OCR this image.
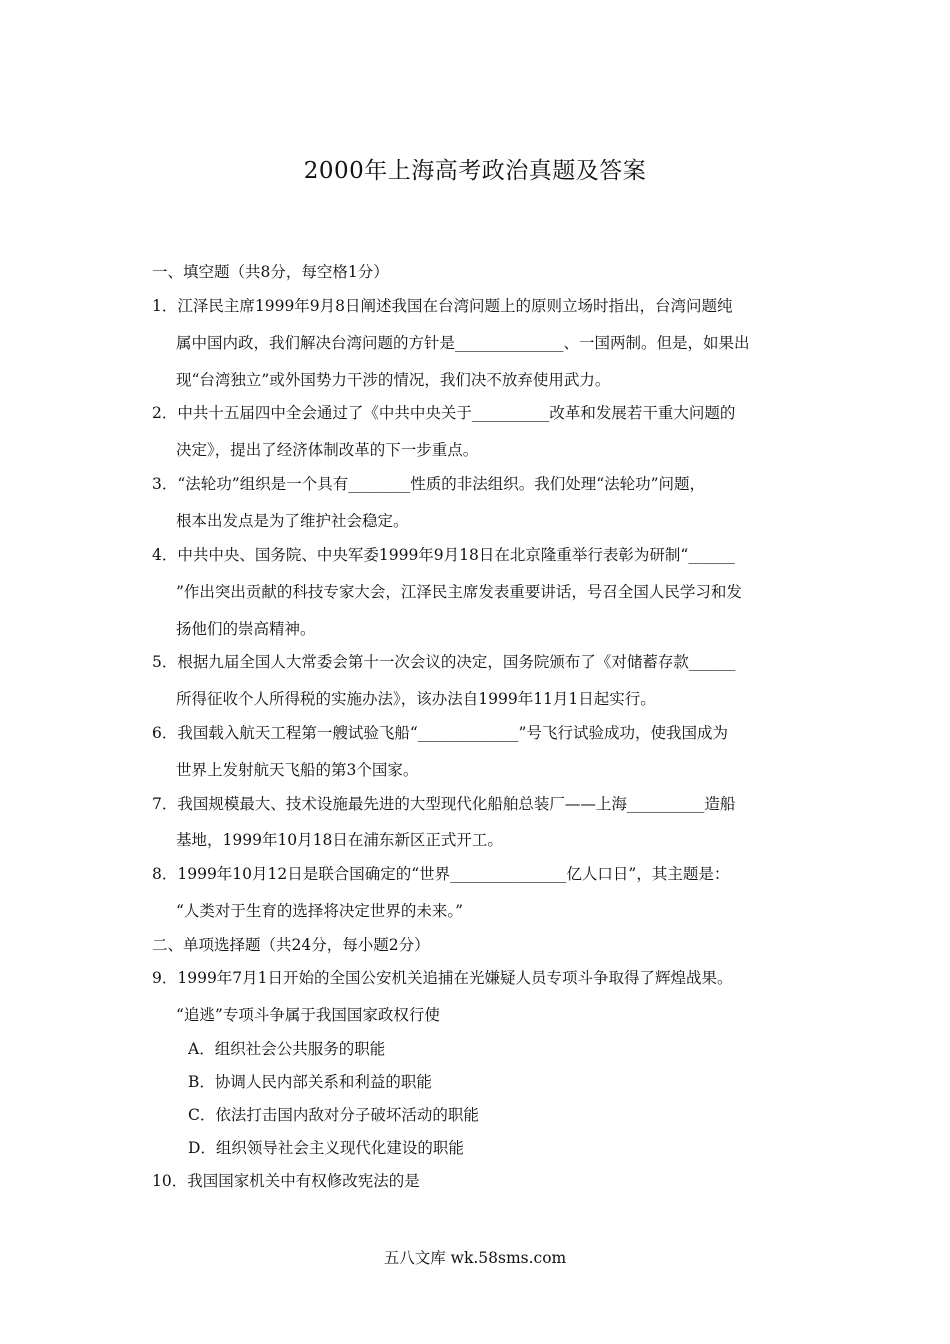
2000年上海高考政治真题及答案
一、填空题（共8分，每空格1分）
1．江泽民主席1999年9月8日阐述我国在台湾问题上的原则立场时指出，台湾问题纯
属中国内政，我们解决台湾问题的方针是______________、一国两制。但是，如果出
现“台湾独立”或外国势力干涉的情况，我们决不放弃使用武力。
2．中共十五届四中全会通过了《中共中央关于__________改革和发展若干重大问题的
决定》，提出了经济体制改革的下一步重点。
3．“法轮功”组织是一个具有________性质的非法组织。我们处理“法轮功”问题，
根本出发点是为了维护社会稳定。
4．中共中央、国务院、中央军委1999年9月18日在北京隆重举行表彰为研制“______
”作出突出贡献的科技专家大会，江泽民主席发表重要讲话，号召全国人民学习和发
扬他们的崇高精神。
5．根据九届全国人大常委会第十一次会议的决定，国务院颁布了《对储蓄存款______
所得征收个人所得税的实施办法》，该办法自1999年11月1日起实行。
6．我国载入航天工程第一艘试验飞船“_____________”号飞行试验成功，使我国成为
世界上发射航天飞船的第3个国家。
7．我国规模最大、技术设施最先进的大型现代化船舶总装厂——上海__________造船
基地，1999年10月18日在浦东新区正式开工。
8．1999年10月12日是联合国确定的“世界_______________亿人口日”，其主题是：
“人类对于生育的选择将决定世界的未来。”
二、单项选择题（共24分，每小题2分）
9．1999年7月1日开始的全国公安机关追捕在光嫌疑人员专项斗争取得了辉煌战果。
“追逃”专项斗争属于我国国家政权行使
A．组织社会公共服务的职能
B．协调人民内部关系和利益的职能
C．依法打击国内敌对分子破坏活动的职能
D．组织领导社会主义现代化建设的职能
10．我国国家机关中有权修改宪法的是
五八文库 wk.58sms.com
